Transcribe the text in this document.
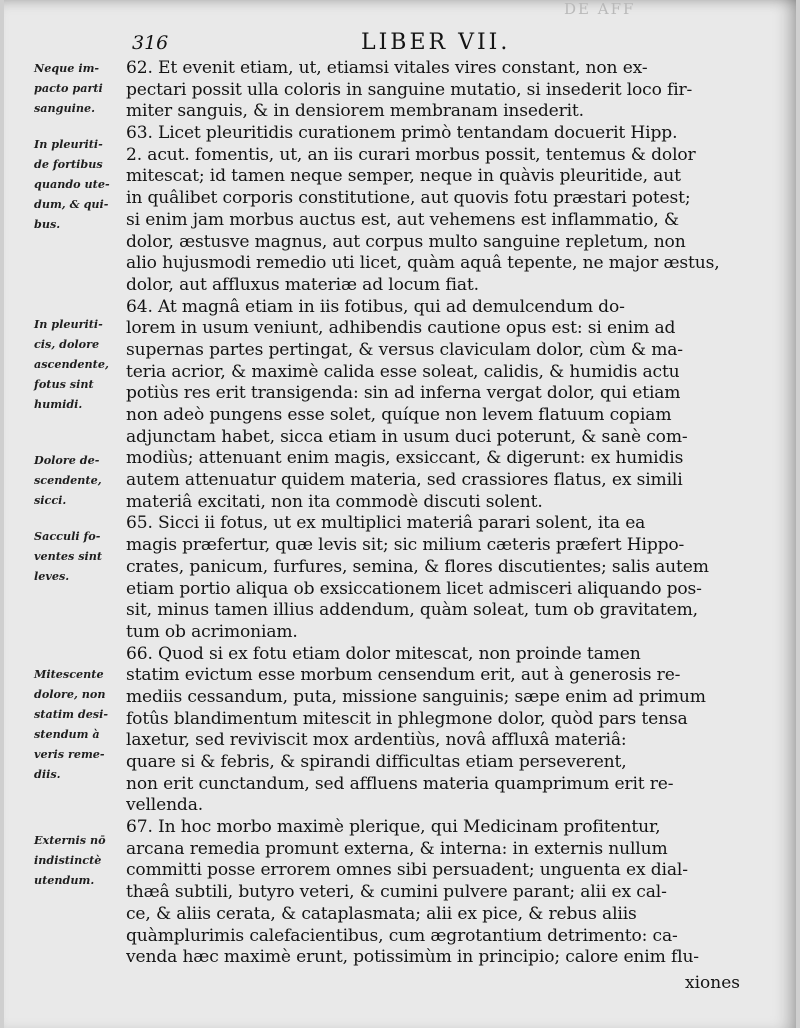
DE AFF
316	LIBER VII.
Neque im-
pacto parti
sanguine.
In pleuriti-
de fortibus
quando ute-
dum, & qui-
bus.
In pleuriti-
cis, dolore
ascendente,
fotus sint
humidi.
Dolore de-
scendente,
sicci.
Sacculi fo-
ventes sint
leves.
Mitescente
dolore, non
statim desi-
stendum à
veris reme-
diis.
Externis nō
indistinctè
utendum.
62. Et evenit etiam, ut, etiamsi vitales vires constant, non ex-
pectari possit ulla coloris in sanguine mutatio, si insederit loco fir-
miter sanguis, & in densiorem membranam insederit.
63. Licet pleuritidis curationem primò tentandam docuerit Hipp.
2. acut. fomentis, ut, an iis curari morbus possit, tentemus & dolor
mitescat; id tamen neque semper, neque in quàvis pleuritide, aut
in quâlibet corporis constitutione, aut quovis fotu præstari potest;
si enim jam morbus auctus est, aut vehemens est inflammatio, &
dolor, æstusve magnus, aut corpus multo sanguine repletum, non
alio hujusmodi remedio uti licet, quàm aquâ tepente, ne major æstus,
dolor, aut affluxus materiæ ad locum fiat.
64. At magnâ etiam in iis fotibus, qui ad demulcendum do-
lorem in usum veniunt, adhibendis cautione opus est: si enim ad
supernas partes pertingat, & versus claviculam dolor, cùm & ma-
teria acrior, & maximè calida esse soleat, calidis, & humidis actu
potiùs res erit transigenda: sin ad inferna vergat dolor, qui etiam
non adeò pungens esse solet, quíque non levem flatuum copiam
adjunctam habet, sicca etiam in usum duci poterunt, & sanè com-
modiùs; attenuant enim magis, exsiccant, & digerunt: ex humidis
autem attenuatur quidem materia, sed crassiores flatus, ex simili
materiâ excitati, non ita commodè discuti solent.
65. Sicci ii fotus, ut ex multiplici materiâ parari solent, ita ea
magis præfertur, quæ levis sit; sic milium cæteris præfert Hippo-
crates, panicum, furfures, semina, & flores discutientes; salis autem
etiam portio aliqua ob exsiccationem licet admisceri aliquando pos-
sit, minus tamen illius addendum, quàm soleat, tum ob gravitatem,
tum ob acrimoniam.
66. Quod si ex fotu etiam dolor mitescat, non proinde tamen
statim evictum esse morbum censendum erit, aut à generosis re-
mediis cessandum, puta, missione sanguinis; sæpe enim ad primum
fotûs blandimentum mitescit in phlegmone dolor, quòd pars tensa
laxetur, sed reviviscit mox ardentiùs, novâ affluxâ materiâ:
quare si & febris, & spirandi difficultas etiam perseverent,
non erit cunctandum, sed affluens materia quamprimum erit re-
vellenda.
67. In hoc morbo maximè plerique, qui Medicinam profitentur,
arcana remedia promunt externa, & interna: in externis nullum
committi posse errorem omnes sibi persuadent; unguenta ex dial-
thæâ subtili, butyro veteri, & cumini pulvere parant; alii ex cal-
ce, & aliis cerata, & cataplasmata; alii ex pice, & rebus aliis
quàmplurimis calefacientibus, cum ægrotantium detrimento: ca-
venda hæc maximè erunt, potissimùm in principio; calore enim flu-
xiones
